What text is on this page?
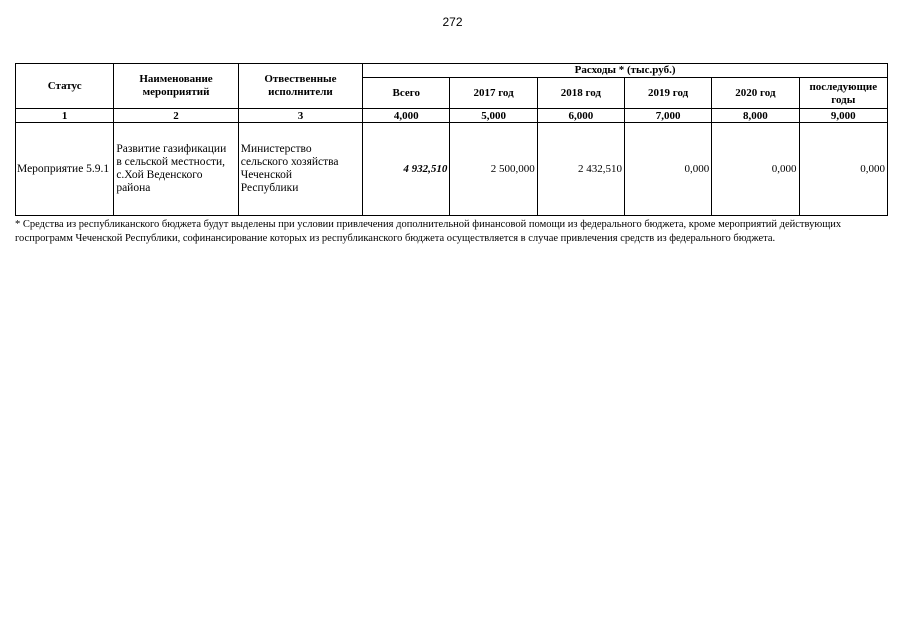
272
Статус	Наименование мероприятий	Отвественные исполнители	Расходы * (тыс.руб.)					
			Всего	2017 год	2018 год	2019 год	2020 год	последующие годы

1	2	3	4,000	5,000	6,000	7,000	8,000	9,000
Мероприятие 5.9.1	Развитие газификации в сельской местности, с.Хой Веденского района	Министерство сельского хозяйства Чеченской Республики	4 932,510	2 500,000	2 432,510	0,000	0,000	0,000
* Средства из республиканского бюджета будут выделены при условии привлечения дополнительной финансовой помощи из федерального бюджета, кроме мероприятий действующих госпрограмм Чеченской Республики, софинансирование которых из республиканского бюджета осуществляется в случае привлечения средств из федерального бюджета.
